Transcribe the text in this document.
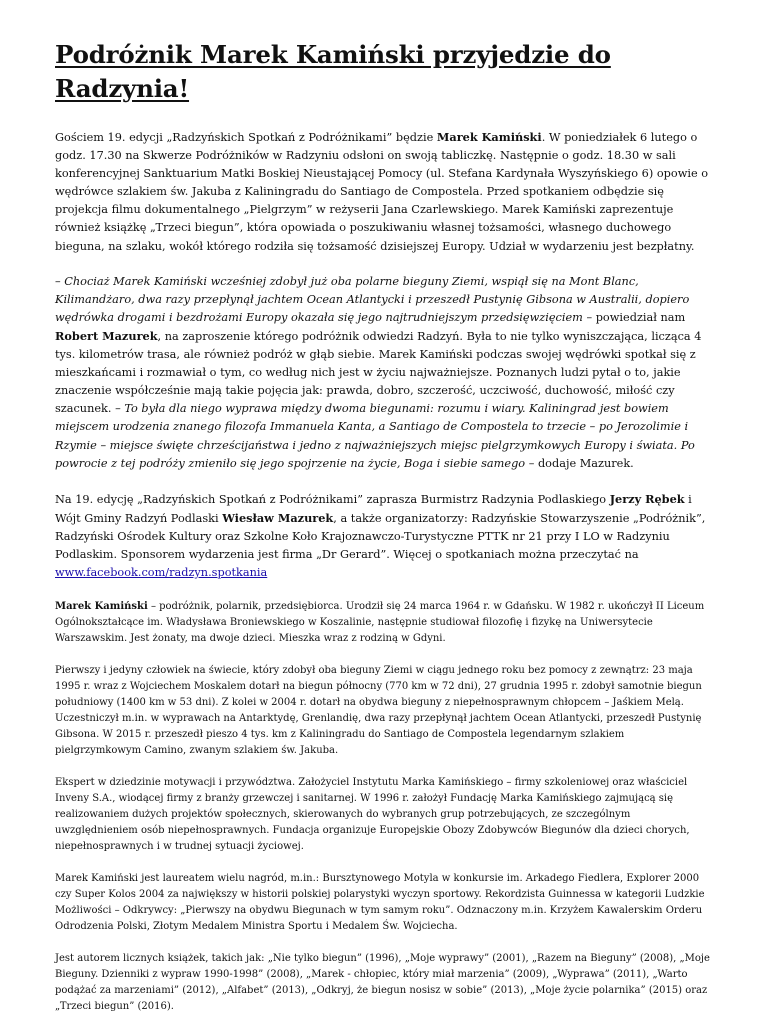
Podróżnik Marek Kamiński przyjedzie do Radzynia!

Gościem 19. edycji „Radzyńskich Spotkań z Podróżnikami” będzie Marek Kamiński. W poniedziałek 6 lutego o godz. 17.30 na Skwerze Podróżników w Radzyniu odsłoni on swoją tabliczkę. Następnie o godz. 18.30 w sali konferencyjnej Sanktuarium Matki Boskiej Nieustającej Pomocy (ul. Stefana Kardynała Wyszyńskiego 6) opowie o wędrówce szlakiem św. Jakuba z Kaliningradu do Santiago de Compostela. Przed spotkaniem odbędzie się projekcja filmu dokumentalnego „Pielgrzym” w reżyserii Jana Czarlewskiego. Marek Kamiński zaprezentuje również książkę „Trzeci biegun”, która opowiada o poszukiwaniu własnej tożsamości, własnego duchowego bieguna, na szlaku, wokół którego rodziła się tożsamość dzisiejszej Europy. Udział w wydarzeniu jest bezpłatny.

– Chociaż Marek Kamiński wcześniej zdobył już oba polarne bieguny Ziemi, wspiął się na Mont Blanc, Kilimandżaro, dwa razy przepłynął jachtem Ocean Atlantycki i przeszedł Pustynię Gibsona w Australii, dopiero wędrówka drogami i bezdrożami Europy okazała się jego najtrudniejszym przedsięwzięciem – powiedział nam Robert Mazurek, na zaproszenie którego podróżnik odwiedzi Radzyń. Była to nie tylko wyniszczająca, licząca 4 tys. kilometrów trasa, ale również podróż w głąb siebie. Marek Kamiński podczas swojej wędrówki spotkał się z mieszkańcami i rozmawiał o tym, co według nich jest w życiu najważniejsze. Poznanych ludzi pytał o to, jakie znaczenie współcześnie mają takie pojęcia jak: prawda, dobro, szczerość, uczciwość, duchowość, miłość czy szacunek. – To była dla niego wyprawa między dwoma biegunami: rozumu i wiary. Kaliningrad jest bowiem miejscem urodzenia znanego filozofa Immanuela Kanta, a Santiago de Compostela to trzecie – po Jerozolimie i Rzymie – miejsce święte chrześcijaństwa i jedno z najważniejszych miejsc pielgrzymkowych Europy i świata. Po powrocie z tej podróży zmieniło się jego spojrzenie na życie, Boga i siebie samego – dodaje Mazurek.

Na 19. edycję „Radzyńskich Spotkań z Podróżnikami” zaprasza Burmistrz Radzynia Podlaskiego Jerzy Rębek i Wójt Gminy Radzyń Podlaski Wiesław Mazurek, a także organizatorzy: Radzyńskie Stowarzyszenie „Podróżnik”, Radzyński Ośrodek Kultury oraz Szkolne Koło Krajoznawczo-Turystyczne PTTK nr 21 przy I LO w Radzyniu Podlaskim. Sponsorem wydarzenia jest firma „Dr Gerard”. Więcej o spotkaniach można przeczytać na www.facebook.com/radzyn.spotkania

Marek Kamiński – podróżnik, polarnik, przedsiębiorca. Urodził się 24 marca 1964 r. w Gdańsku. W 1982 r. ukończył II Liceum Ogólnokształcące im. Władysława Broniewskiego w Koszalinie, następnie studiował filozofię i fizykę na Uniwersytecie Warszawskim. Jest żonaty, ma dwoje dzieci. Mieszka wraz z rodziną w Gdyni.

Pierwszy i jedyny człowiek na świecie, który zdobył oba bieguny Ziemi w ciągu jednego roku bez pomocy z zewnątrz: 23 maja 1995 r. wraz z Wojciechem Moskalem dotarł na biegun północny (770 km w 72 dni), 27 grudnia 1995 r. zdobył samotnie biegun południowy (1400 km w 53 dni). Z kolei w 2004 r. dotarł na obydwa bieguny z niepełnosprawnym chłopcem – Jaśkiem Melą. Uczestniczył m.in. w wyprawach na Antarktydę, Grenlandię, dwa razy przepłynął jachtem Ocean Atlantycki, przeszedł Pustynię Gibsona. W 2015 r. przeszedł pieszo 4 tys. km z Kaliningradu do Santiago de Compostela legendarnym szlakiem pielgrzymkowym Camino, zwanym szlakiem św. Jakuba.

Ekspert w dziedzinie motywacji i przywództwa. Założyciel Instytutu Marka Kamińskiego – firmy szkoleniowej oraz właściciel Inveny S.A., wiodącej firmy z branży grzewczej i sanitarnej. W 1996 r. założył Fundację Marka Kamińskiego zajmującą się realizowaniem dużych projektów społecznych, skierowanych do wybranych grup potrzebujących, ze szczególnym uwzględnieniem osób niepełnosprawnych. Fundacja organizuje Europejskie Obozy Zdobywców Biegunów dla dzieci chorych, niepełnosprawnych i w trudnej sytuacji życiowej.

Marek Kamiński jest laureatem wielu nagród, m.in.: Bursztynowego Motyla w konkursie im. Arkadego Fiedlera, Explorer 2000 czy Super Kolos 2004 za największy w historii polskiej polarystyki wyczyn sportowy. Rekordzista Guinnessa w kategorii Ludzkie Możliwości – Odkrywcy: „Pierwszy na obydwu Biegunach w tym samym roku”. Odznaczony m.in. Krzyżem Kawalerskim Orderu Odrodzenia Polski, Złotym Medalem Ministra Sportu i Medalem Św. Wojciecha.

Jest autorem licznych książek, takich jak: „Nie tylko biegun” (1996), „Moje wyprawy” (2001), „Razem na Bieguny” (2008), „Moje Bieguny. Dzienniki z wypraw 1990-1998” (2008), „Marek - chłopiec, który miał marzenia” (2009), „Wyprawa” (2011), „Warto podążać za marzeniami” (2012), „Alfabet” (2013), „Odkryj, że biegun nosisz w sobie” (2013), „Moje życie polarnika” (2015) oraz „Trzeci biegun” (2016).
